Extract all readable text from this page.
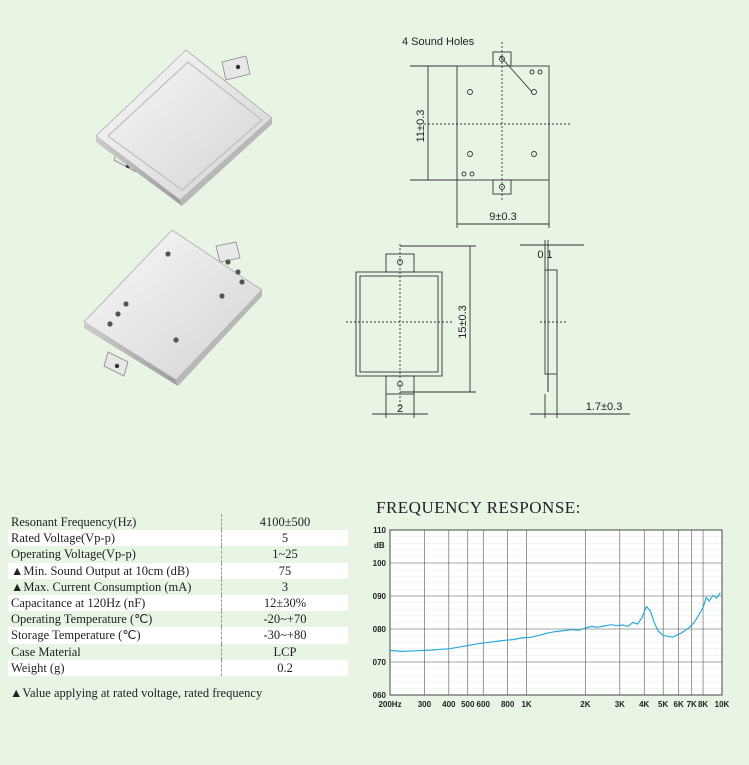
4 Sound Holes
11±0.3
9±0.3
15±0.3
2
0.1
1.7±0.3
Resonant Frequency(Hz)	4100±500
Rated Voltage(Vp-p)	5
Operating Voltage(Vp-p)	1~25
▲Min. Sound Output at 10cm (dB)	75
▲Max. Current Consumption (mA)	3
Capacitance at 120Hz (nF)	12±30%
Operating Temperature (℃)	-20~+70
Storage Temperature (℃)	-30~+80
Case Material	LCP
Weight (g)	0.2
▲Value applying at rated voltage, rated frequency
FREQUENCY RESPONSE:
110
100
090
080
070
060
200Hz 300 400 500 600 800 1K	2K	3K 4K 5K 6K 7K 8K 10K
dB
